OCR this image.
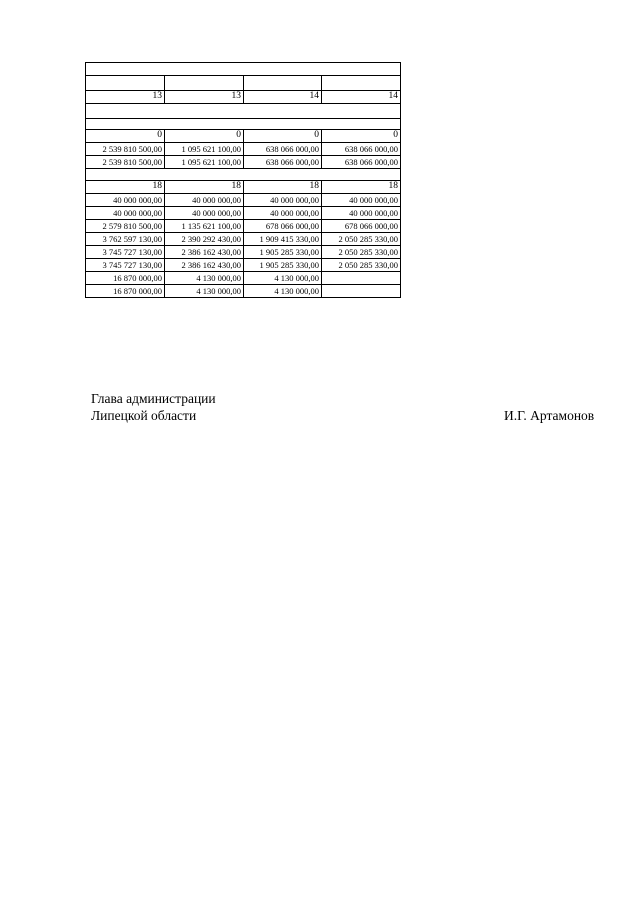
13	13	14	14

0	0	0	0
2 539 810 500,00	1 095 621 100,00	638 066 000,00	638 066 000,00
2 539 810 500,00	1 095 621 100,00	638 066 000,00	638 066 000,00

18	18	18	18
40 000 000,00	40 000 000,00	40 000 000,00	40 000 000,00
40 000 000,00	40 000 000,00	40 000 000,00	40 000 000,00
2 579 810 500,00	1 135 621 100,00	678 066 000,00	678 066 000,00
3 762 597 130,00	2 390 292 430,00	1 909 415 330,00	2 050 285 330,00
3 745 727 130,00	2 386 162 430,00	1 905 285 330,00	2 050 285 330,00
3 745 727 130,00	2 386 162 430,00	1 905 285 330,00	2 050 285 330,00
16 870 000,00	4 130 000,00	4 130 000,00	
16 870 000,00	4 130 000,00	4 130 000,00	
Глава администрации
Липецкой области	И.Г. Артамонов
